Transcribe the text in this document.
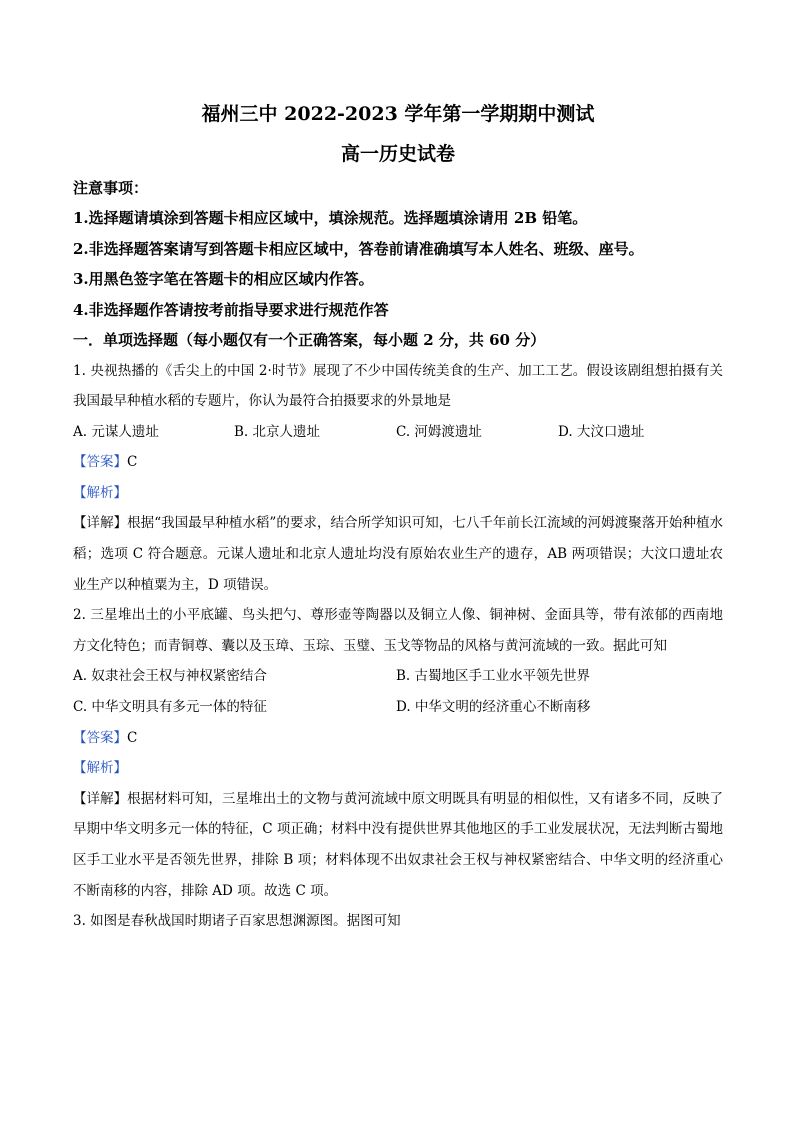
福州三中 2022-2023 学年第一学期期中测试
高一历史试卷
注意事项：
1.选择题请填涂到答题卡相应区域中，填涂规范。选择题填涂请用 2B 铅笔。
2.非选择题答案请写到答题卡相应区域中，答卷前请准确填写本人姓名、班级、座号。
3.用黑色签字笔在答题卡的相应区域内作答。
4.非选择题作答请按考前指导要求进行规范作答
一．单项选择题（每小题仅有一个正确答案，每小题 2 分，共 60 分）
1. 央视热播的《舌尖上的中国 2·时节》展现了不少中国传统美食的生产、加工工艺。假设该剧组想拍摄有关我国最早种植水稻的专题片，你认为最符合拍摄要求的外景地是
A. 元谋人遗址	B. 北京人遗址	C. 河姆渡遗址	D. 大汶口遗址
【答案】C
【解析】
【详解】根据“我国最早种植水稻”的要求，结合所学知识可知，七八千年前长江流域的河姆渡聚落开始种植水稻；选项 C 符合题意。元谋人遗址和北京人遗址均没有原始农业生产的遗存，AB 两项错误；大汶口遗址农业生产以种植粟为主，D 项错误。
2. 三星堆出土的小平底罐、鸟头把勺、尊形壶等陶器以及铜立人像、铜神树、金面具等，带有浓郁的西南地方文化特色；而青铜尊、囊以及玉璋、玉琮、玉璧、玉戈等物品的风格与黄河流域的一致。据此可知
A. 奴隶社会王权与神权紧密结合	B. 古蜀地区手工业水平领先世界
C. 中华文明具有多元一体的特征	D. 中华文明的经济重心不断南移
【答案】C
【解析】
【详解】根据材料可知，三星堆出土的文物与黄河流域中原文明既具有明显的相似性，又有诸多不同，反映了早期中华文明多元一体的特征，C 项正确；材料中没有提供世界其他地区的手工业发展状况，无法判断古蜀地区手工业水平是否领先世界，排除 B 项；材料体现不出奴隶社会王权与神权紧密结合、中华文明的经济重心不断南移的内容，排除 AD 项。故选 C 项。
3. 如图是春秋战国时期诸子百家思想渊源图。据图可知
